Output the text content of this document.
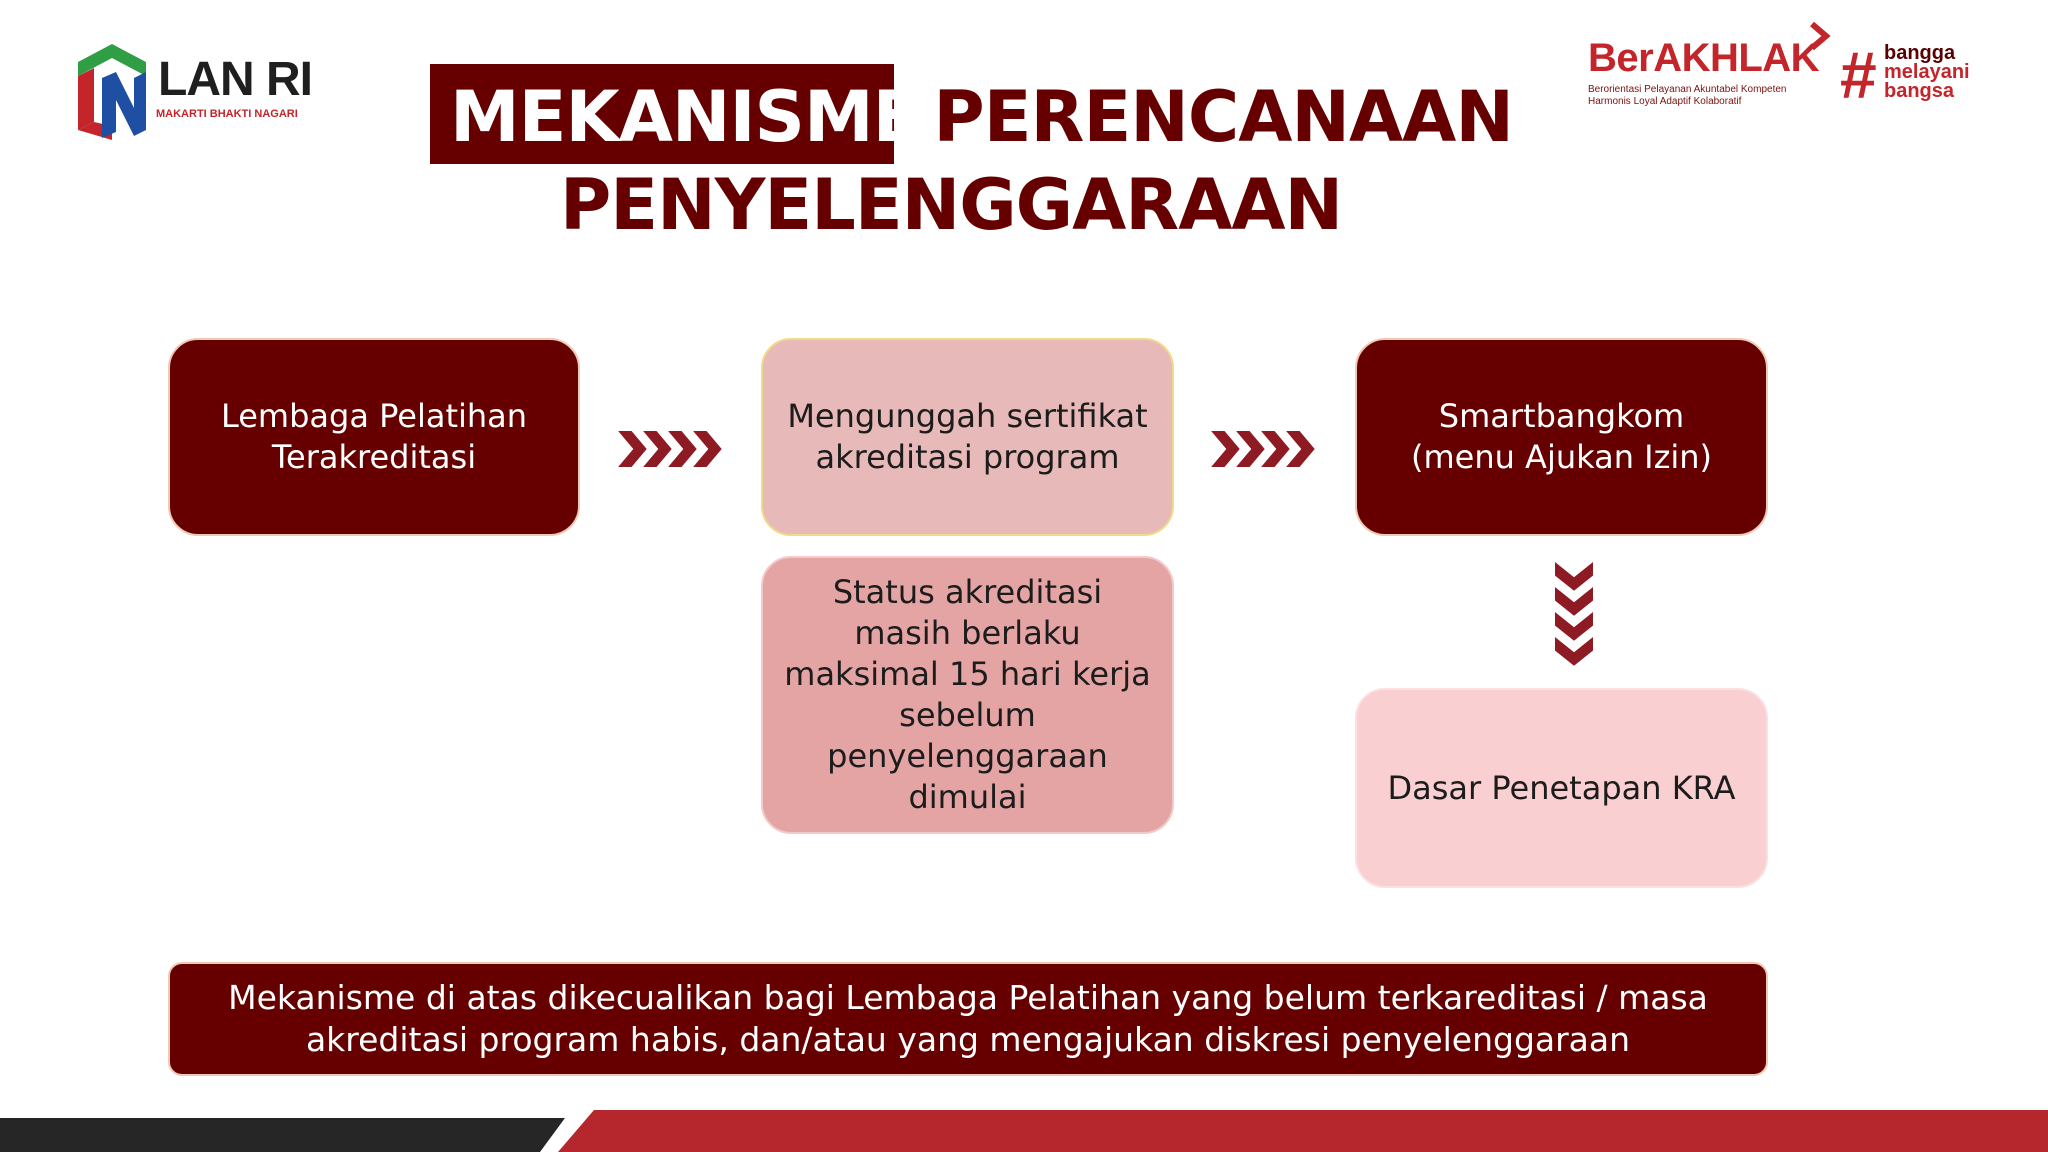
LAN RI
MAKARTI BHAKTI NAGARI
BerAKHLAK
Berorientasi Pelayanan Akuntabel Kompeten
Harmonis Loyal Adaptif Kolaboratif	# bangga
melayani
bangsa
MEKANISME PERENCANAAN
PENYELENGGARAAN
Lembaga Pelatihan
Terakreditasi
Mengunggah sertifikat
akreditasi program
Smartbangkom
(menu Ajukan Izin)
Status akreditasi
masih berlaku
maksimal 15 hari kerja
sebelum
penyelenggaraan
dimulai	Dasar Penetapan KRA
Mekanisme di atas dikecualikan bagi Lembaga Pelatihan yang belum terkareditasi / masa akreditasi program habis, dan/atau yang mengajukan diskresi penyelenggaraan
